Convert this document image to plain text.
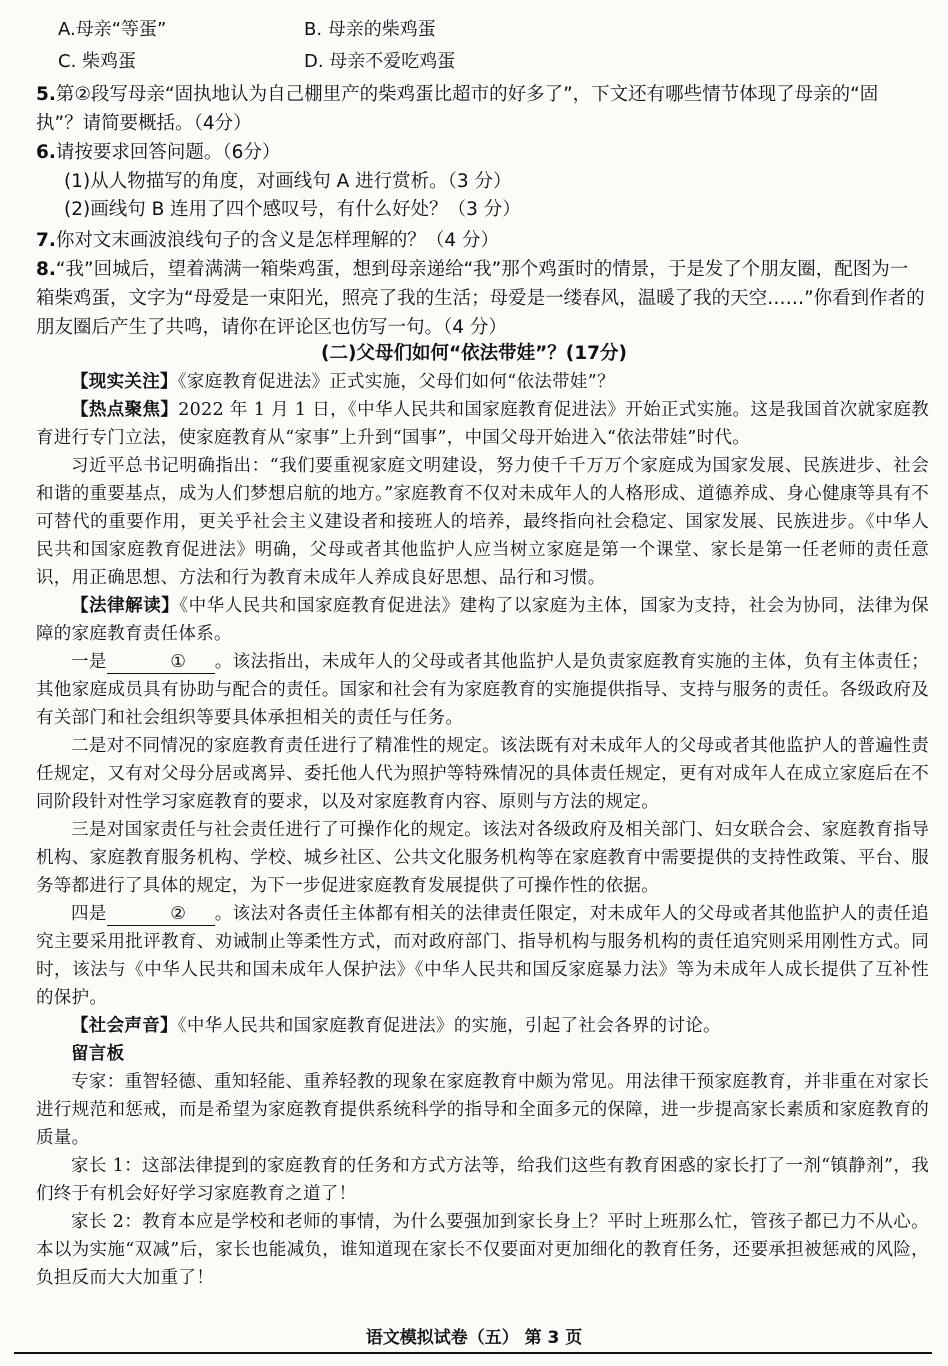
A.母亲“等蛋”	B. 母亲的柴鸡蛋
C. 柴鸡蛋	D. 母亲不爱吃鸡蛋
5.第②段写母亲“固执地认为自己棚里产的柴鸡蛋比超市的好多了”，下文还有哪些情节体现了母亲的“固执”？请简要概括。（4分）
6.请按要求回答问题。（6分）
(1)从人物描写的角度，对画线句 A 进行赏析。（3 分）
(2)画线句 B 连用了四个感叹号，有什么好处？（3 分）
7.你对文末画波浪线句子的含义是怎样理解的？（4 分）
8.“我”回城后，望着满满一箱柴鸡蛋，想到母亲递给“我”那个鸡蛋时的情景，于是发了个朋友圈，配图为一箱柴鸡蛋，文字为“母爱是一束阳光，照亮了我的生活；母爱是一缕春风，温暖了我的天空……”你看到作者的朋友圈后产生了共鸣，请你在评论区也仿写一句。（4 分）
(二)父母们如何“依法带娃”？(17分)
【现实关注】《家庭教育促进法》正式实施，父母们如何“依法带娃”？
【热点聚焦】2022 年 1 月 1 日，《中华人民共和国家庭教育促进法》开始正式实施。这是我国首次就家庭教育进行专门立法，使家庭教育从“家事”上升到“国事”，中国父母开始进入“依法带娃”时代。
习近平总书记明确指出：“我们要重视家庭文明建设，努力使千千万万个家庭成为国家发展、民族进步、社会和谐的重要基点，成为人们梦想启航的地方。”家庭教育不仅对未成年人的人格形成、道德养成、身心健康等具有不可替代的重要作用，更关乎社会主义建设者和接班人的培养，最终指向社会稳定、国家发展、民族进步。《中华人民共和国家庭教育促进法》明确，父母或者其他监护人应当树立家庭是第一个课堂、家长是第一任老师的责任意识，用正确思想、方法和行为教育未成年人养成良好思想、品行和习惯。
【法律解读】《中华人民共和国家庭教育促进法》建构了以家庭为主体，国家为支持，社会为协同，法律为保障的家庭教育责任体系。
一是	① 。该法指出，未成年人的父母或者其他监护人是负责家庭教育实施的主体，负有主体责任；其他家庭成员具有协助与配合的责任。国家和社会有为家庭教育的实施提供指导、支持与服务的责任。各级政府及有关部门和社会组织等要具体承担相关的责任与任务。
二是对不同情况的家庭教育责任进行了精准性的规定。该法既有对未成年人的父母或者其他监护人的普遍性责任规定，又有对父母分居或离异、委托他人代为照护等特殊情况的具体责任规定，更有对成年人在成立家庭后在不同阶段针对性学习家庭教育的要求，以及对家庭教育内容、原则与方法的规定。
三是对国家责任与社会责任进行了可操作化的规定。该法对各级政府及相关部门、妇女联合会、家庭教育指导机构、家庭教育服务机构、学校、城乡社区、公共文化服务机构等在家庭教育中需要提供的支持性政策、平台、服务等都进行了具体的规定，为下一步促进家庭教育发展提供了可操作性的依据。
四是	② 。该法对各责任主体都有相关的法律责任限定，对未成年人的父母或者其他监护人的责任追究主要采用批评教育、劝诫制止等柔性方式，而对政府部门、指导机构与服务机构的责任追究则采用刚性方式。同时，该法与《中华人民共和国未成年人保护法》《中华人民共和国反家庭暴力法》等为未成年人成长提供了互补性的保护。
【社会声音】《中华人民共和国家庭教育促进法》的实施，引起了社会各界的讨论。
留言板
专家：重智轻德、重知轻能、重养轻教的现象在家庭教育中颇为常见。用法律干预家庭教育，并非重在对家长进行规范和惩戒，而是希望为家庭教育提供系统科学的指导和全面多元的保障，进一步提高家长素质和家庭教育的质量。
家长 1：这部法律提到的家庭教育的任务和方式方法等，给我们这些有教育困惑的家长打了一剂“镇静剂”，我们终于有机会好好学习家庭教育之道了！
家长 2：教育本应是学校和老师的事情，为什么要强加到家长身上？平时上班那么忙，管孩子都已力不从心。本以为实施“双减”后，家长也能减负，谁知道现在家长不仅要面对更加细化的教育任务，还要承担被惩戒的风险，负担反而大大加重了！
语文模拟试卷（五） 第 3 页
